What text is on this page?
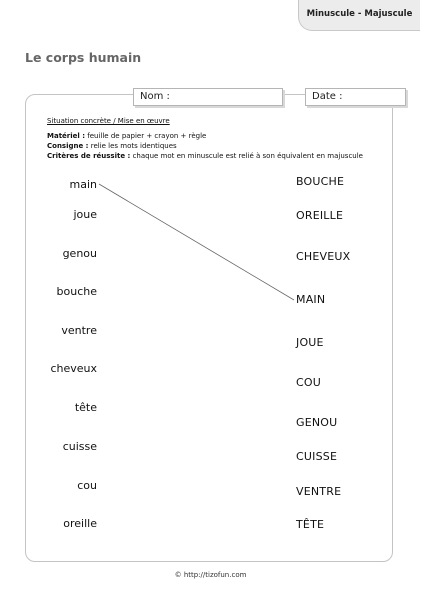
Minuscule - Majuscule
Le corps humain
Nom :	Date :
Situation concrète / Mise en œuvre
Matériel : feuille de papier + crayon + règle
Consigne : relie les mots identiques
Critères de réussite : chaque mot en minuscule est relié à son équivalent en majuscule
main
joue
genou
bouche
ventre
cheveux
tête
cuisse
cou
oreille
BOUCHE
OREILLE
CHEVEUX
MAIN
JOUE
COU
GENOU
CUISSE
VENTRE
TÊTE
© http://tizofun.com
